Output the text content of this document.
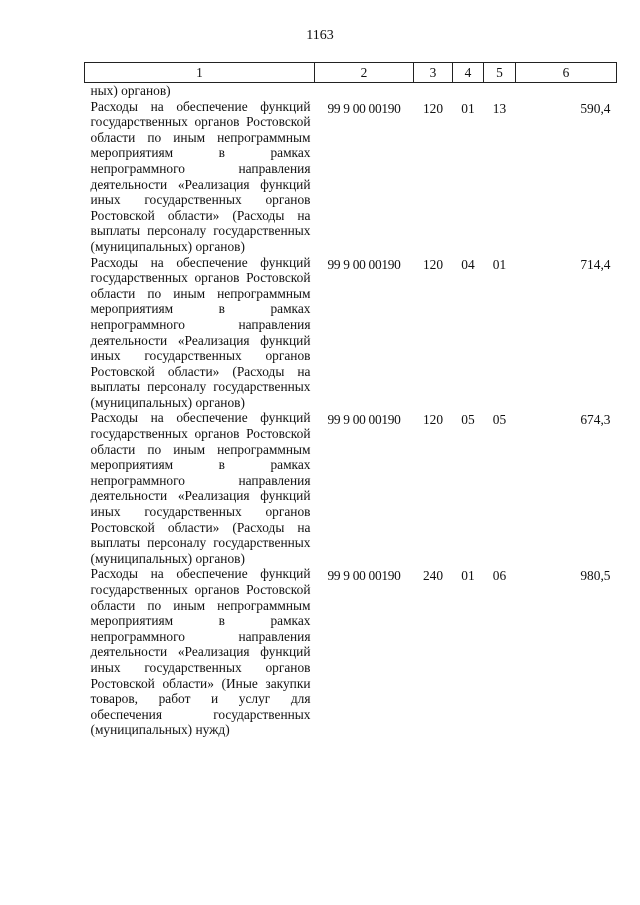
1163
1	2	3	4	5	6
ных) органов)					
Расходы на обеспечение функций государственных органов Ростовской области по иным непрограммным мероприятиям в рамках непрограммного направления деятельности «Реализация функций иных государственных органов Ростовской области» (Расходы на выплаты персоналу государственных (муниципальных) органов)	99 9 00 00190	120	01	13	590,4
Расходы на обеспечение функций государственных органов Ростовской области по иным непрограммным мероприятиям в рамках непрограммного направления деятельности «Реализация функций иных государственных органов Ростовской области» (Расходы на выплаты персоналу государственных (муниципальных) органов)	99 9 00 00190	120	04	01	714,4
Расходы на обеспечение функций государственных органов Ростовской области по иным непрограммным мероприятиям в рамках непрограммного направления деятельности «Реализация функций иных государственных органов Ростовской области» (Расходы на выплаты персоналу государственных (муниципальных) органов)	99 9 00 00190	120	05	05	674,3
Расходы на обеспечение функций государственных органов Ростовской области по иным непрограммным мероприятиям в рамках непрограммного направления деятельности «Реализация функций иных государственных органов Ростовской области» (Иные закупки товаров, работ и услуг для обеспечения государственных (муниципальных) нужд)	99 9 00 00190	240	01	06	980,5
